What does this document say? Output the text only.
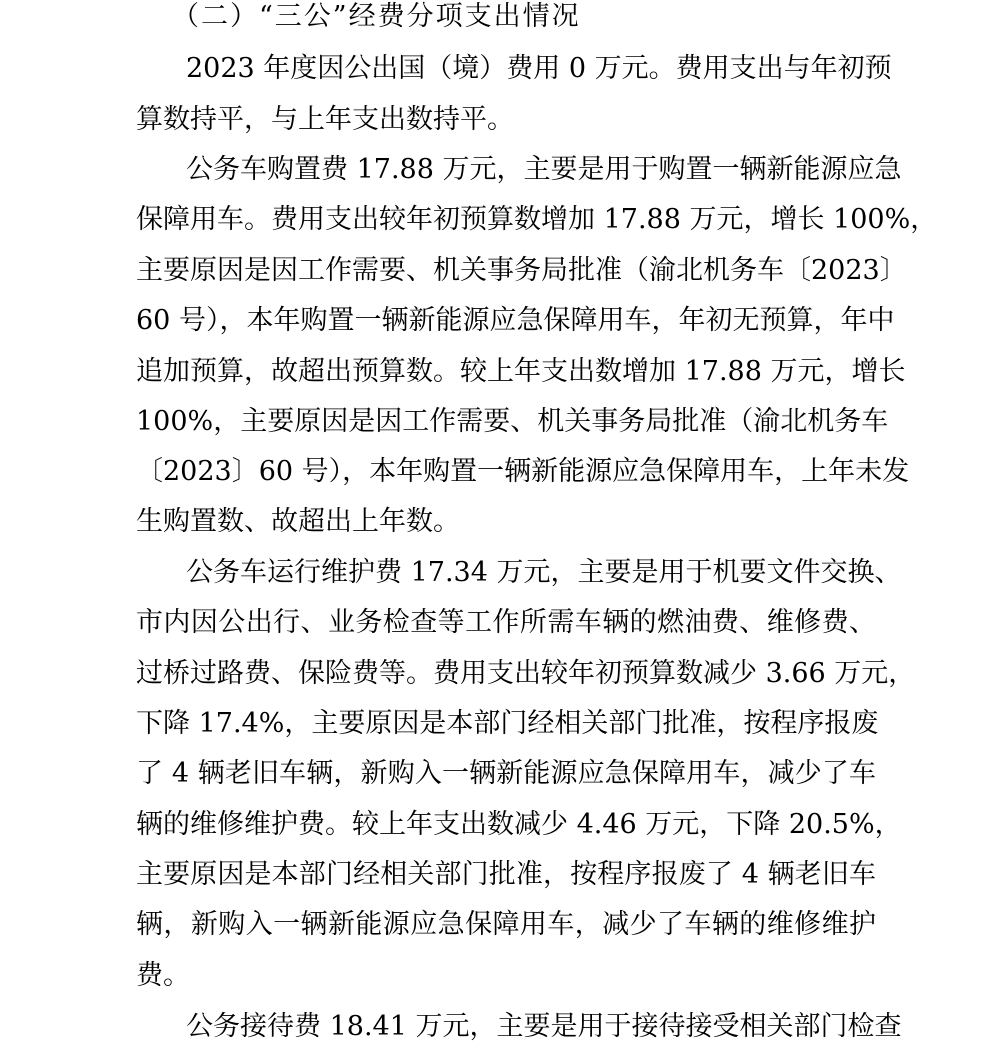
（二）“三公”经费分项支出情况
2023 年度因公出国（境）费用 0 万元。费用支出与年初预
算数持平，与上年支出数持平。
公务车购置费 17.88 万元，主要是用于购置一辆新能源应急
保障用车。费用支出较年初预算数增加 17.88 万元，增长 100%，
主要原因是因工作需要、机关事务局批准（渝北机务车〔2023〕
60 号），本年购置一辆新能源应急保障用车，年初无预算，年中
追加预算，故超出预算数。较上年支出数增加 17.88 万元，增长
100%，主要原因是因工作需要、机关事务局批准（渝北机务车
〔2023〕60 号），本年购置一辆新能源应急保障用车，上年未发
生购置数、故超出上年数。
公务车运行维护费 17.34 万元，主要是用于机要文件交换、
市内因公出行、业务检查等工作所需车辆的燃油费、维修费、
过桥过路费、保险费等。费用支出较年初预算数减少 3.66 万元，
下降 17.4%，主要原因是本部门经相关部门批准，按程序报废
了 4 辆老旧车辆，新购入一辆新能源应急保障用车，减少了车
辆的维修维护费。较上年支出数减少 4.46 万元，下降 20.5%，
主要原因是本部门经相关部门批准，按程序报废了 4 辆老旧车
辆，新购入一辆新能源应急保障用车，减少了车辆的维修维护
费。
公务接待费 18.41 万元，主要是用于接待接受相关部门检查
